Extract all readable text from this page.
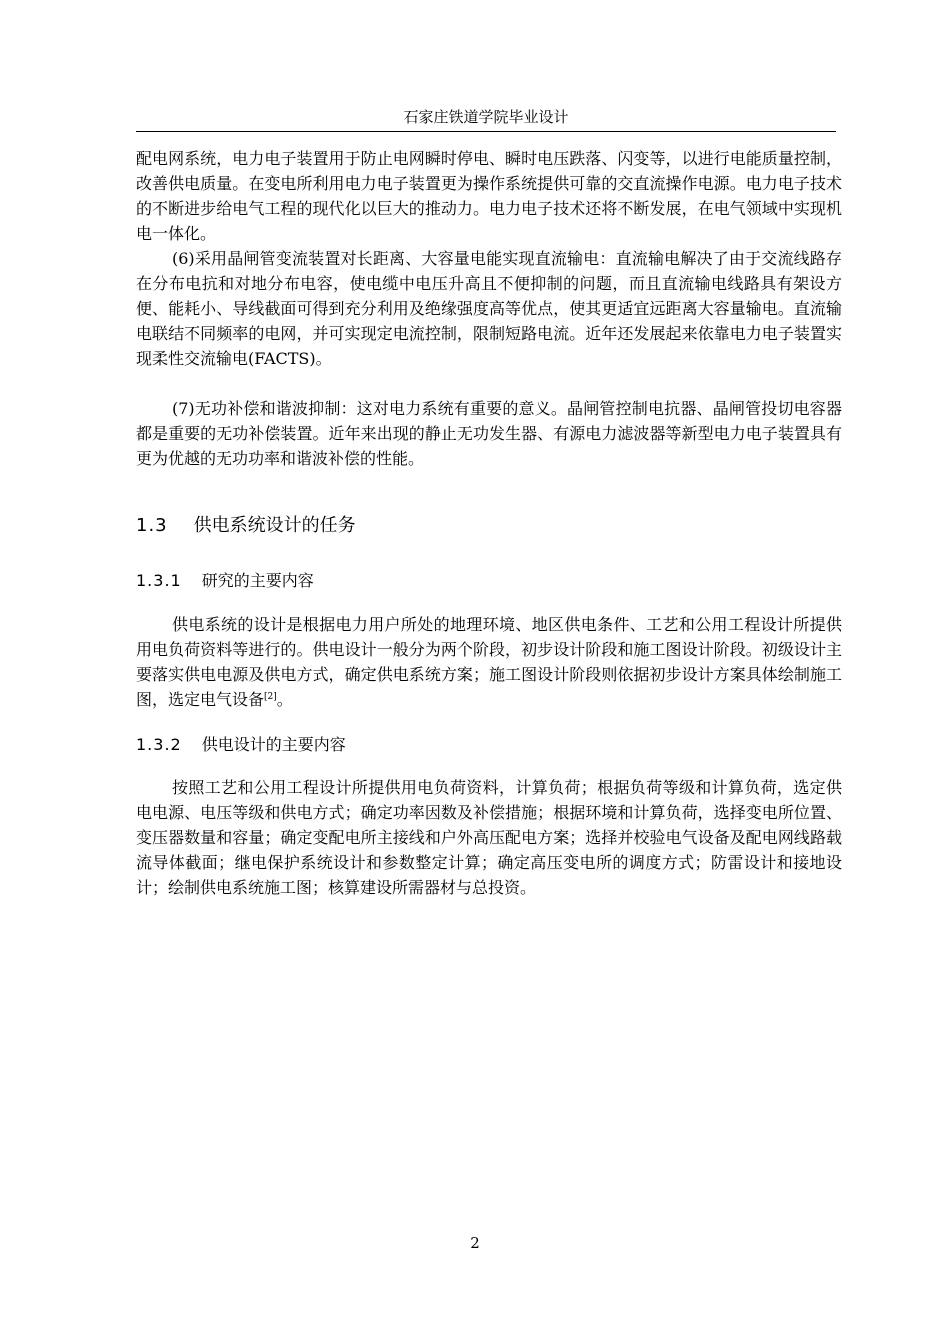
石家庄铁道学院毕业设计

配电网系统，电力电子装置用于防止电网瞬时停电、瞬时电压跌落、闪变等，以进行电能质量控制，改善供电质量。在变电所利用电力电子装置更为操作系统提供可靠的交直流操作电源。电力电子技术的不断进步给电气工程的现代化以巨大的推动力。电力电子技术还将不断发展，在电气领域中实现机电一体化。

(6)采用晶闸管变流装置对长距离、大容量电能实现直流输电：直流输电解决了由于交流线路存在分布电抗和对地分布电容，使电缆中电压升高且不便抑制的问题，而且直流输电线路具有架设方便、能耗小、导线截面可得到充分利用及绝缘强度高等优点，使其更适宜远距离大容量输电。直流输电联结不同频率的电网，并可实现定电流控制，限制短路电流。近年还发展起来依靠电力电子装置实现柔性交流输电(FACTS)。

(7)无功补偿和谐波抑制：这对电力系统有重要的意义。晶闸管控制电抗器、晶闸管投切电容器都是重要的无功补偿装置。近年来出现的静止无功发生器、有源电力滤波器等新型电力电子装置具有更为优越的无功功率和谐波补偿的性能。

1.3 供电系统设计的任务
1.3.1 研究的主要内容

供电系统的设计是根据电力用户所处的地理环境、地区供电条件、工艺和公用工程设计所提供用电负荷资料等进行的。供电设计一般分为两个阶段，初步设计阶段和施工图设计阶段。初级设计主要落实供电电源及供电方式，确定供电系统方案；施工图设计阶段则依据初步设计方案具体绘制施工图，选定电气设备[2]。

1.3.2 供电设计的主要内容

按照工艺和公用工程设计所提供用电负荷资料，计算负荷；根据负荷等级和计算负荷，选定供电电源、电压等级和供电方式；确定功率因数及补偿措施；根据环境和计算负荷，选择变电所位置、变压器数量和容量；确定变配电所主接线和户外高压配电方案；选择并校验电气设备及配电网线路载流导体截面；继电保护系统设计和参数整定计算；确定高压变电所的调度方式；防雷设计和接地设计；绘制供电系统施工图；核算建设所需器材与总投资。

2
